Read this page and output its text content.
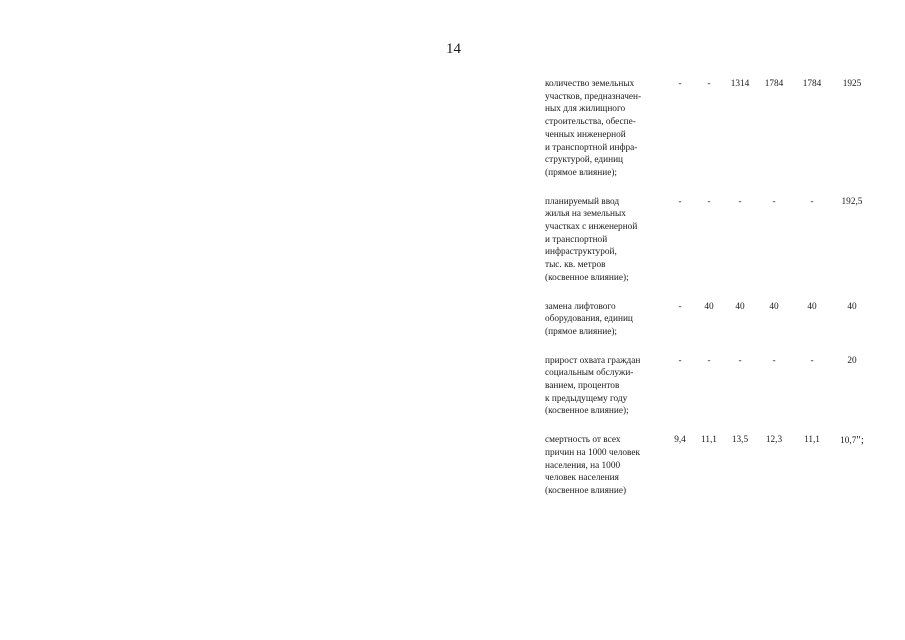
14
количество земельных
участков, предназначен-
ных для жилищного
строительства, обеспе-
ченных инженерной
и транспортной инфра-
структурой, единиц
(прямое влияние);
-	-	1314	1784	1784	1925
планируемый ввод
жилья на земельных
участках с инженерной
и транспортной
инфраструктурой,
тыс. кв. метров
(косвенное влияние);
-	-	-	-	-	192,5
замена лифтового
оборудования, единиц
(прямое влияние);
-	40	40	40	40	40
прирост охвата граждан
социальным обслужи-
ванием, процентов
к предыдущему году
(косвенное влияние);
-	-	-	-	-	20
смертность от всех
причин на 1000 человек
населения, на 1000
человек населения
(косвенное влияние)
9,4	11,1	13,5	12,3	11,1	10,7";
